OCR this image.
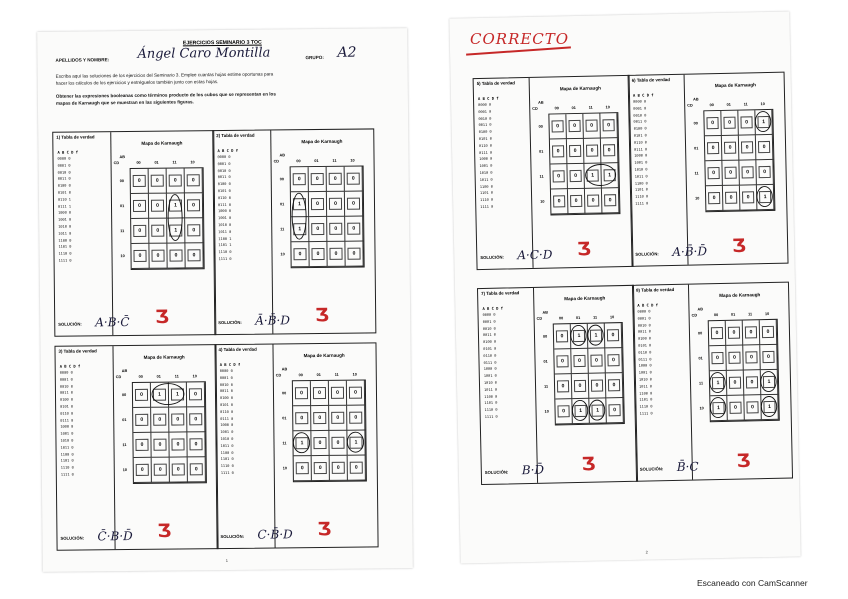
EJERCICIOS SEMINARIO 3 TOC
APELLIDOS Y NOMBRE: Ángel Caro Montilla	GRUPO: A2
Escriba aquí las soluciones de los ejercicios del Seminario 3. Emplee cuantas hojas estime oportunas para
hacer los cálculos de los ejercicios y entréguelos también junto con estas hojas.
Obtener las expresiones booleanas como términos producto de los cubos que se representan en los
mapas de Karnaugh que se muestran en las siguientes figuras.
1) Tabla de verdad
A B C D f
0000 0
0001 0
0010 0
0011 0
0100 0
0101 0
0110 1
0111 1
1000 0
1001 0
1010 0
1011 0
1100 0
1101 0
1110 0
1111 0
Mapa de Karnaugh
AB
CD	00	01	11	10
00
01
11
10
0	0	0	0
0	0	1	0
0	0	1	0
0	0	0	0
SOLUCIÓN: A·B·C̄ Ʒ
2) Tabla de verdad
A B C D f
0000 0
0001 0
0010 0
0011 0
0100 0
0101 0
0110 0
0111 0
1000 0
1001 0
1010 0
1011 0
1100 1
1101 1
1110 0
1111 0
Mapa de Karnaugh
AB
CD	00	01	11	10
00
01
11
10
0	0	0	0
1	0	0	0
1	0	0	0
0	0	0	0
SOLUCIÓN: Ā·B̄·D Ʒ
3) Tabla de verdad
A B C D f
0000 0
0001 0
0010 0
0011 0
0100 0
0101 0
0110 0
0111 0
1000 0
1001 0
1010 0
1011 0
1100 0
1101 0
1110 0
1111 0
Mapa de Karnaugh
AB
CD	00	01	11	10
00
01
11
10
0	1	1	0
0	0	0	0
0	0	0	0
0	0	0	0
SOLUCIÓN: C̄·B·D̄ Ʒ
4) Tabla de verdad
A B C D f
0000 0
0001 0
0010 0
0011 0
0100 0
0101 0
0110 0
0111 0
1000 0
1001 0
1010 0
1011 0
1100 0
1101 0
1110 0
1111 0
Mapa de Karnaugh
AB
CD	00	01	11	10
00
01
11
10
0	0	0	0
0	0	0	0
1	0	0	1
0	0	0	0
SOLUCIÓN: C·B̄·D Ʒ
1
5) Tabla de verdad
A B C D f
0000 0
0001 0
0010 0
0011 0
0100 0
0101 0
0110 0
0111 0
1000 0
1001 0
1010 0
1011 0
1100 0
1101 0
1110 0
1111 0
Mapa de Karnaugh
AB
CD	00	01	11	10
00
01
11
10
0	0	0	0
0	0	0	0
0	0	1	1
0	0	0	0
SOLUCIÓN: A·C·D Ʒ
6) Tabla de verdad
A B C D f
0000 0
0001 0
0010 0
0011 0
0100 0
0101 0
0110 0
0111 0
1000 0
1001 0
1010 0
1011 0
1100 0
1101 0
1110 0
1111 0
Mapa de Karnaugh
AB
CD	00	01	11	10
00
01
11
10
0	0	0	1
0	0	0	0
0	0	0	0
0	0	0	1
SOLUCIÓN: A·B̄·D̄ Ʒ
7) Tabla de verdad
A B C D f
0000 0
0001 0
0010 0
0011 0
0100 0
0101 0
0110 0
0111 0
1000 0
1001 0
1010 0
1011 0
1100 0
1101 0
1110 0
1111 0
Mapa de Karnaugh
AB
CD	00	01	11	10
00
01
11
10
0	1	1	0
0	0	0	0
0	0	0	0
0	1	1	0
SOLUCIÓN: B·D̄ Ʒ
8) Tabla de verdad
A B C D f
0000 0
0001 0
0010 0
0011 0
0100 0
0101 0
0110 0
0111 0
1000 0
1001 0
1010 0
1011 0
1100 0
1101 0
1110 0
1111 0
Mapa de Karnaugh
AB
CD	00	01	11	10
00
01
11
10
0	0	0	0
0	0	0	0
1	0	0	1
1	0	0	1
SOLUCIÓN: B̄·C Ʒ
2
CORRECTO
Escaneado con CamScanner
